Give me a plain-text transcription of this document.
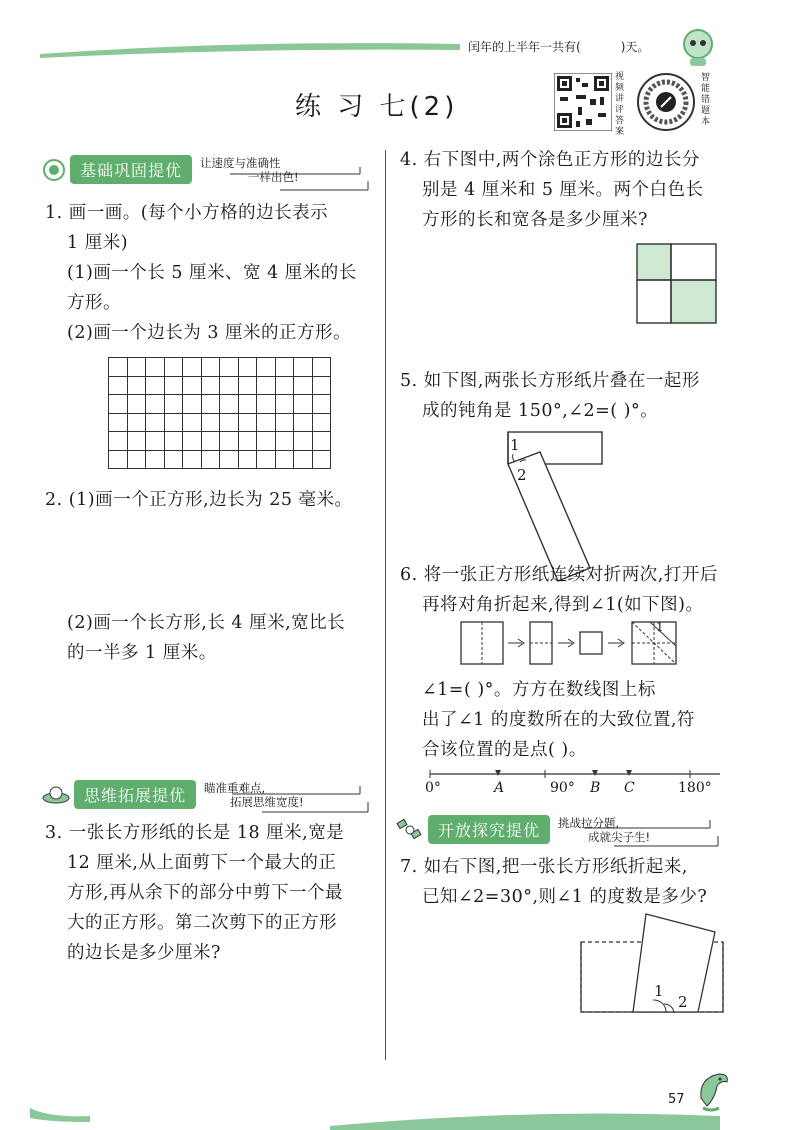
闰年的上半年一共有(	)天。
练 习 七(2)
视频讲评答案
智能错题本
基础巩固提优	让速度与准确性
一样出色!
1. 画一画。(每个小方格的边长表示
1 厘米)
(1)画一个长 5 厘米、宽 4 厘米的长
方形。
(2)画一个边长为 3 厘米的正方形。

2. (1)画一个正方形,边长为 25 毫米。
(2)画一个长方形,长 4 厘米,宽比长
的一半多 1 厘米。
思维拓展提优	瞄准重难点,
拓展思维宽度!
3. 一张长方形纸的长是 18 厘米,宽是
12 厘米,从上面剪下一个最大的正
方形,再从余下的部分中剪下一个最
大的正方形。第二次剪下的正方形
的边长是多少厘米?
4. 右下图中,两个涂色正方形的边长分
别是 4 厘米和 5 厘米。两个白色长
方形的长和宽各是多少厘米?
5. 如下图,两张长方形纸片叠在一起形
成的钝角是 150°,∠2=( )°。
1
2
6. 将一张正方形纸连续对折两次,打开后
再将对角折起来,得到∠1(如下图)。
1
∠1=( )°。方方在数线图上标
出了∠1 的度数所在的大致位置,符
合该位置的是点( )。
0°	A	90° B C	180°
开放探究提优	挑战拉分题,
成就尖子生!
7. 如右下图,把一张长方形纸折起来,
已知∠2=30°,则∠1 的度数是多少?
1
2
57
